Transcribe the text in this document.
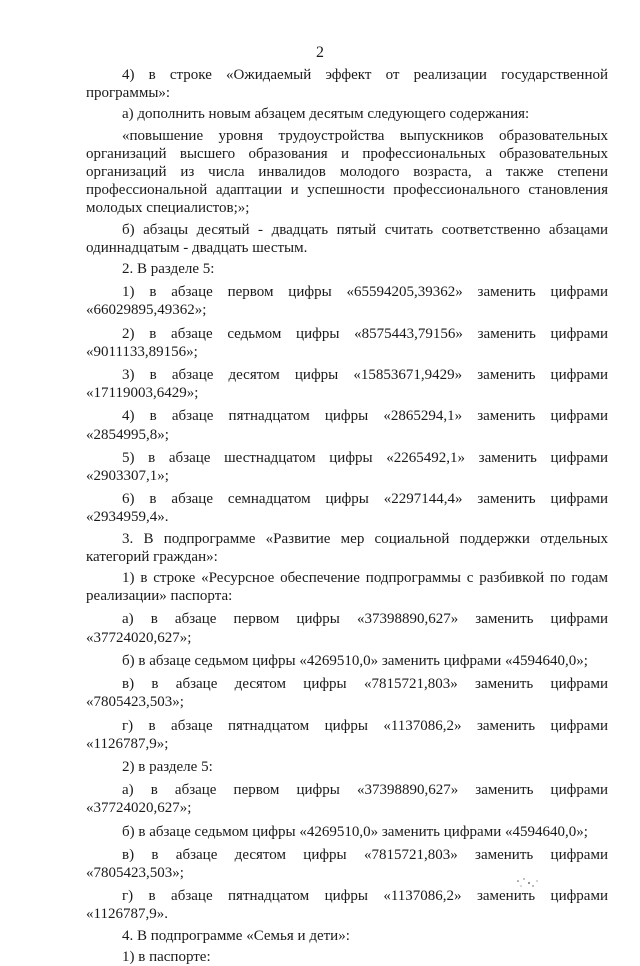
2

4) в строке «Ожидаемый эффект от реализации государственной программы»:

а) дополнить новым абзацем десятым следующего содержания:

«повышение уровня трудоустройства выпускников образовательных организаций высшего образования и профессиональных образовательных организаций из числа инвалидов молодого возраста, а также степени профессиональной адаптации и успешности профессионального становления молодых специалистов;»;

б) абзацы десятый - двадцать пятый считать соответственно абзацами одиннадцатым - двадцать шестым.

2. В разделе 5:

1) в абзаце первом цифры «65594205,39362» заменить цифрами «66029895,49362»;

2) в абзаце седьмом цифры «8575443,79156» заменить цифрами «9011133,89156»;

3) в абзаце десятом цифры «15853671,9429» заменить цифрами «17119003,6429»;

4) в абзаце пятнадцатом цифры «2865294,1» заменить цифрами «2854995,8»;

5) в абзаце шестнадцатом цифры «2265492,1» заменить цифрами «2903307,1»;

6) в абзаце семнадцатом цифры «2297144,4» заменить цифрами «2934959,4».

3. В подпрограмме «Развитие мер социальной поддержки отдельных категорий граждан»:

1) в строке «Ресурсное обеспечение подпрограммы с разбивкой по годам реализации» паспорта:

а) в абзаце первом цифры «37398890,627» заменить цифрами «37724020,627»;

б) в абзаце седьмом цифры «4269510,0» заменить цифрами «4594640,0»;

в) в абзаце десятом цифры «7815721,803» заменить цифрами «7805423,503»;

г) в абзаце пятнадцатом цифры «1137086,2» заменить цифрами «1126787,9»;

2) в разделе 5:

а) в абзаце первом цифры «37398890,627» заменить цифрами «37724020,627»;

б) в абзаце седьмом цифры «4269510,0» заменить цифрами «4594640,0»;

в) в абзаце десятом цифры «7815721,803» заменить цифрами «7805423,503»;

г) в абзаце пятнадцатом цифры «1137086,2» заменить цифрами «1126787,9».

4. В подпрограмме «Семья и дети»:

1) в паспорте:
